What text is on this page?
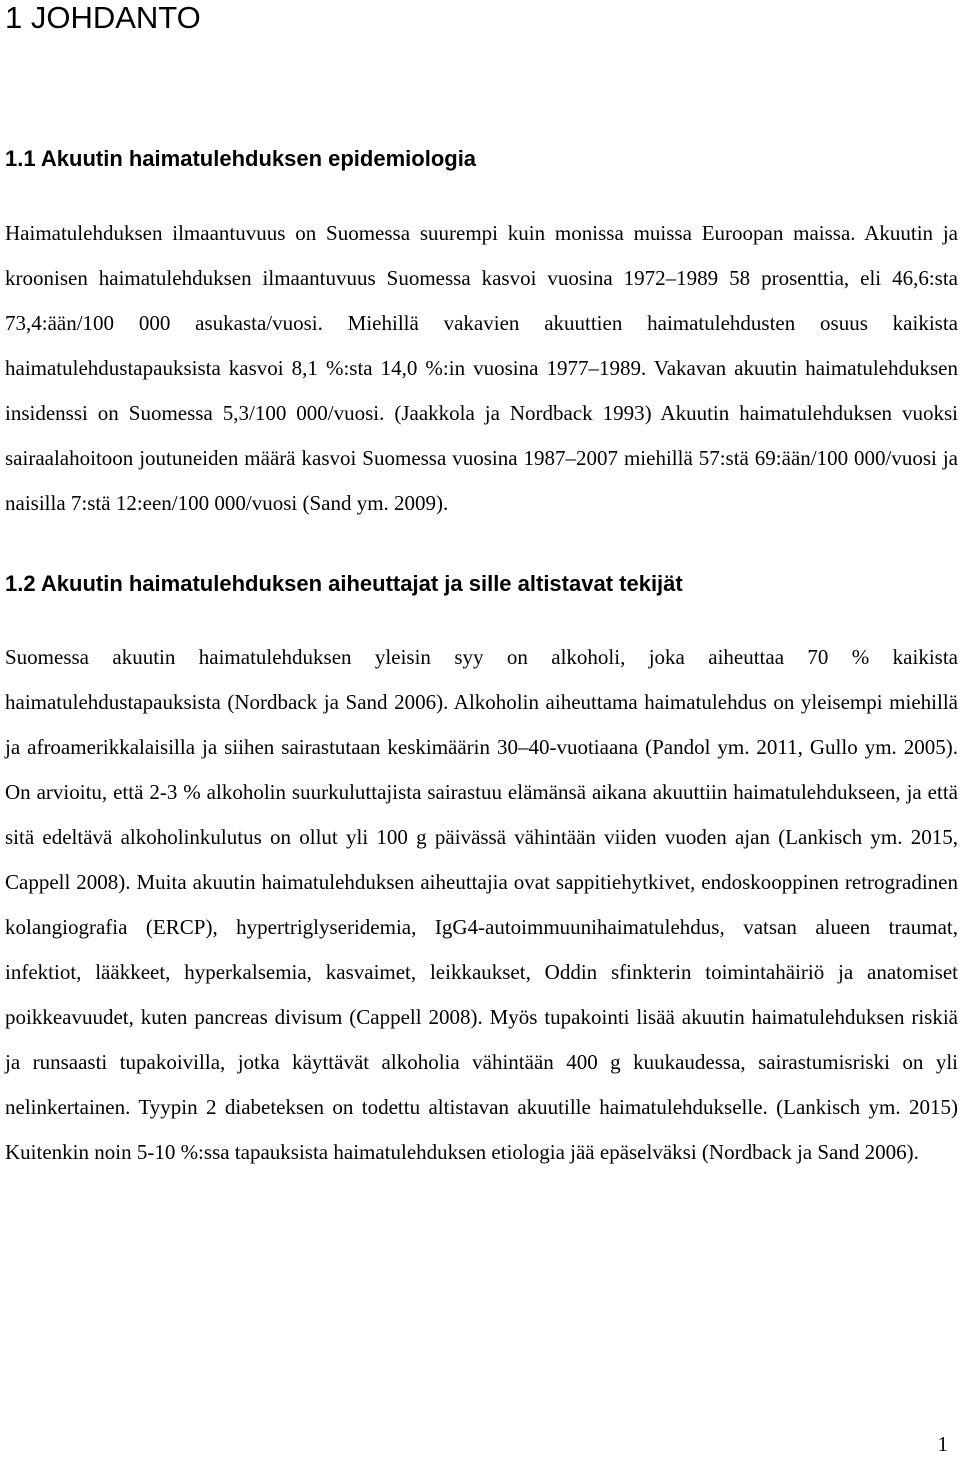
1 JOHDANTO
1.1 Akuutin haimatulehduksen epidemiologia

Haimatulehduksen ilmaantuvuus on Suomessa suurempi kuin monissa muissa Euroopan maissa. Akuutin ja kroonisen haimatulehduksen ilmaantuvuus Suomessa kasvoi vuosina 1972–1989 58 prosenttia, eli 46,6:sta 73,4:ään/100 000 asukasta/vuosi. Miehillä vakavien akuuttien haimatulehdusten osuus kaikista haimatulehdustapauksista kasvoi 8,1 %:sta 14,0 %:in vuosina 1977–1989. Vakavan akuutin haimatulehduksen insidenssi on Suomessa 5,3/100 000/vuosi. (Jaakkola ja Nordback 1993) Akuutin haimatulehduksen vuoksi sairaalahoitoon joutuneiden määrä kasvoi Suomessa vuosina 1987–2007 miehillä 57:stä 69:ään/100 000/vuosi ja naisilla 7:stä 12:een/100 000/vuosi (Sand ym. 2009).

1.2 Akuutin haimatulehduksen aiheuttajat ja sille altistavat tekijät

Suomessa akuutin haimatulehduksen yleisin syy on alkoholi, joka aiheuttaa 70 % kaikista haimatulehdustapauksista (Nordback ja Sand 2006). Alkoholin aiheuttama haimatulehdus on yleisempi miehillä ja afroamerikkalaisilla ja siihen sairastutaan keskimäärin 30–40-vuotiaana (Pandol ym. 2011, Gullo ym. 2005). On arvioitu, että 2-3 % alkoholin suurkuluttajista sairastuu elämänsä aikana akuuttiin haimatulehdukseen, ja että sitä edeltävä alkoholinkulutus on ollut yli 100 g päivässä vähintään viiden vuoden ajan (Lankisch ym. 2015, Cappell 2008). Muita akuutin haimatulehduksen aiheuttajia ovat sappitiehytkivet, endoskooppinen retrogradinen kolangiografia (ERCP), hypertriglyseridemia, IgG4-autoimmuunihaimatulehdus, vatsan alueen traumat, infektiot, lääkkeet, hyperkalsemia, kasvaimet, leikkaukset, Oddin sfinkterin toimintahäiriö ja anatomiset poikkeavuudet, kuten pancreas divisum (Cappell 2008). Myös tupakointi lisää akuutin haimatulehduksen riskiä ja runsaasti tupakoivilla, jotka käyttävät alkoholia vähintään 400 g kuukaudessa, sairastumisriski on yli nelinkertainen. Tyypin 2 diabeteksen on todettu altistavan akuutille haimatulehdukselle. (Lankisch ym. 2015) Kuitenkin noin 5-10 %:ssa tapauksista haimatulehduksen etiologia jää epäselväksi (Nordback ja Sand 2006).

1
